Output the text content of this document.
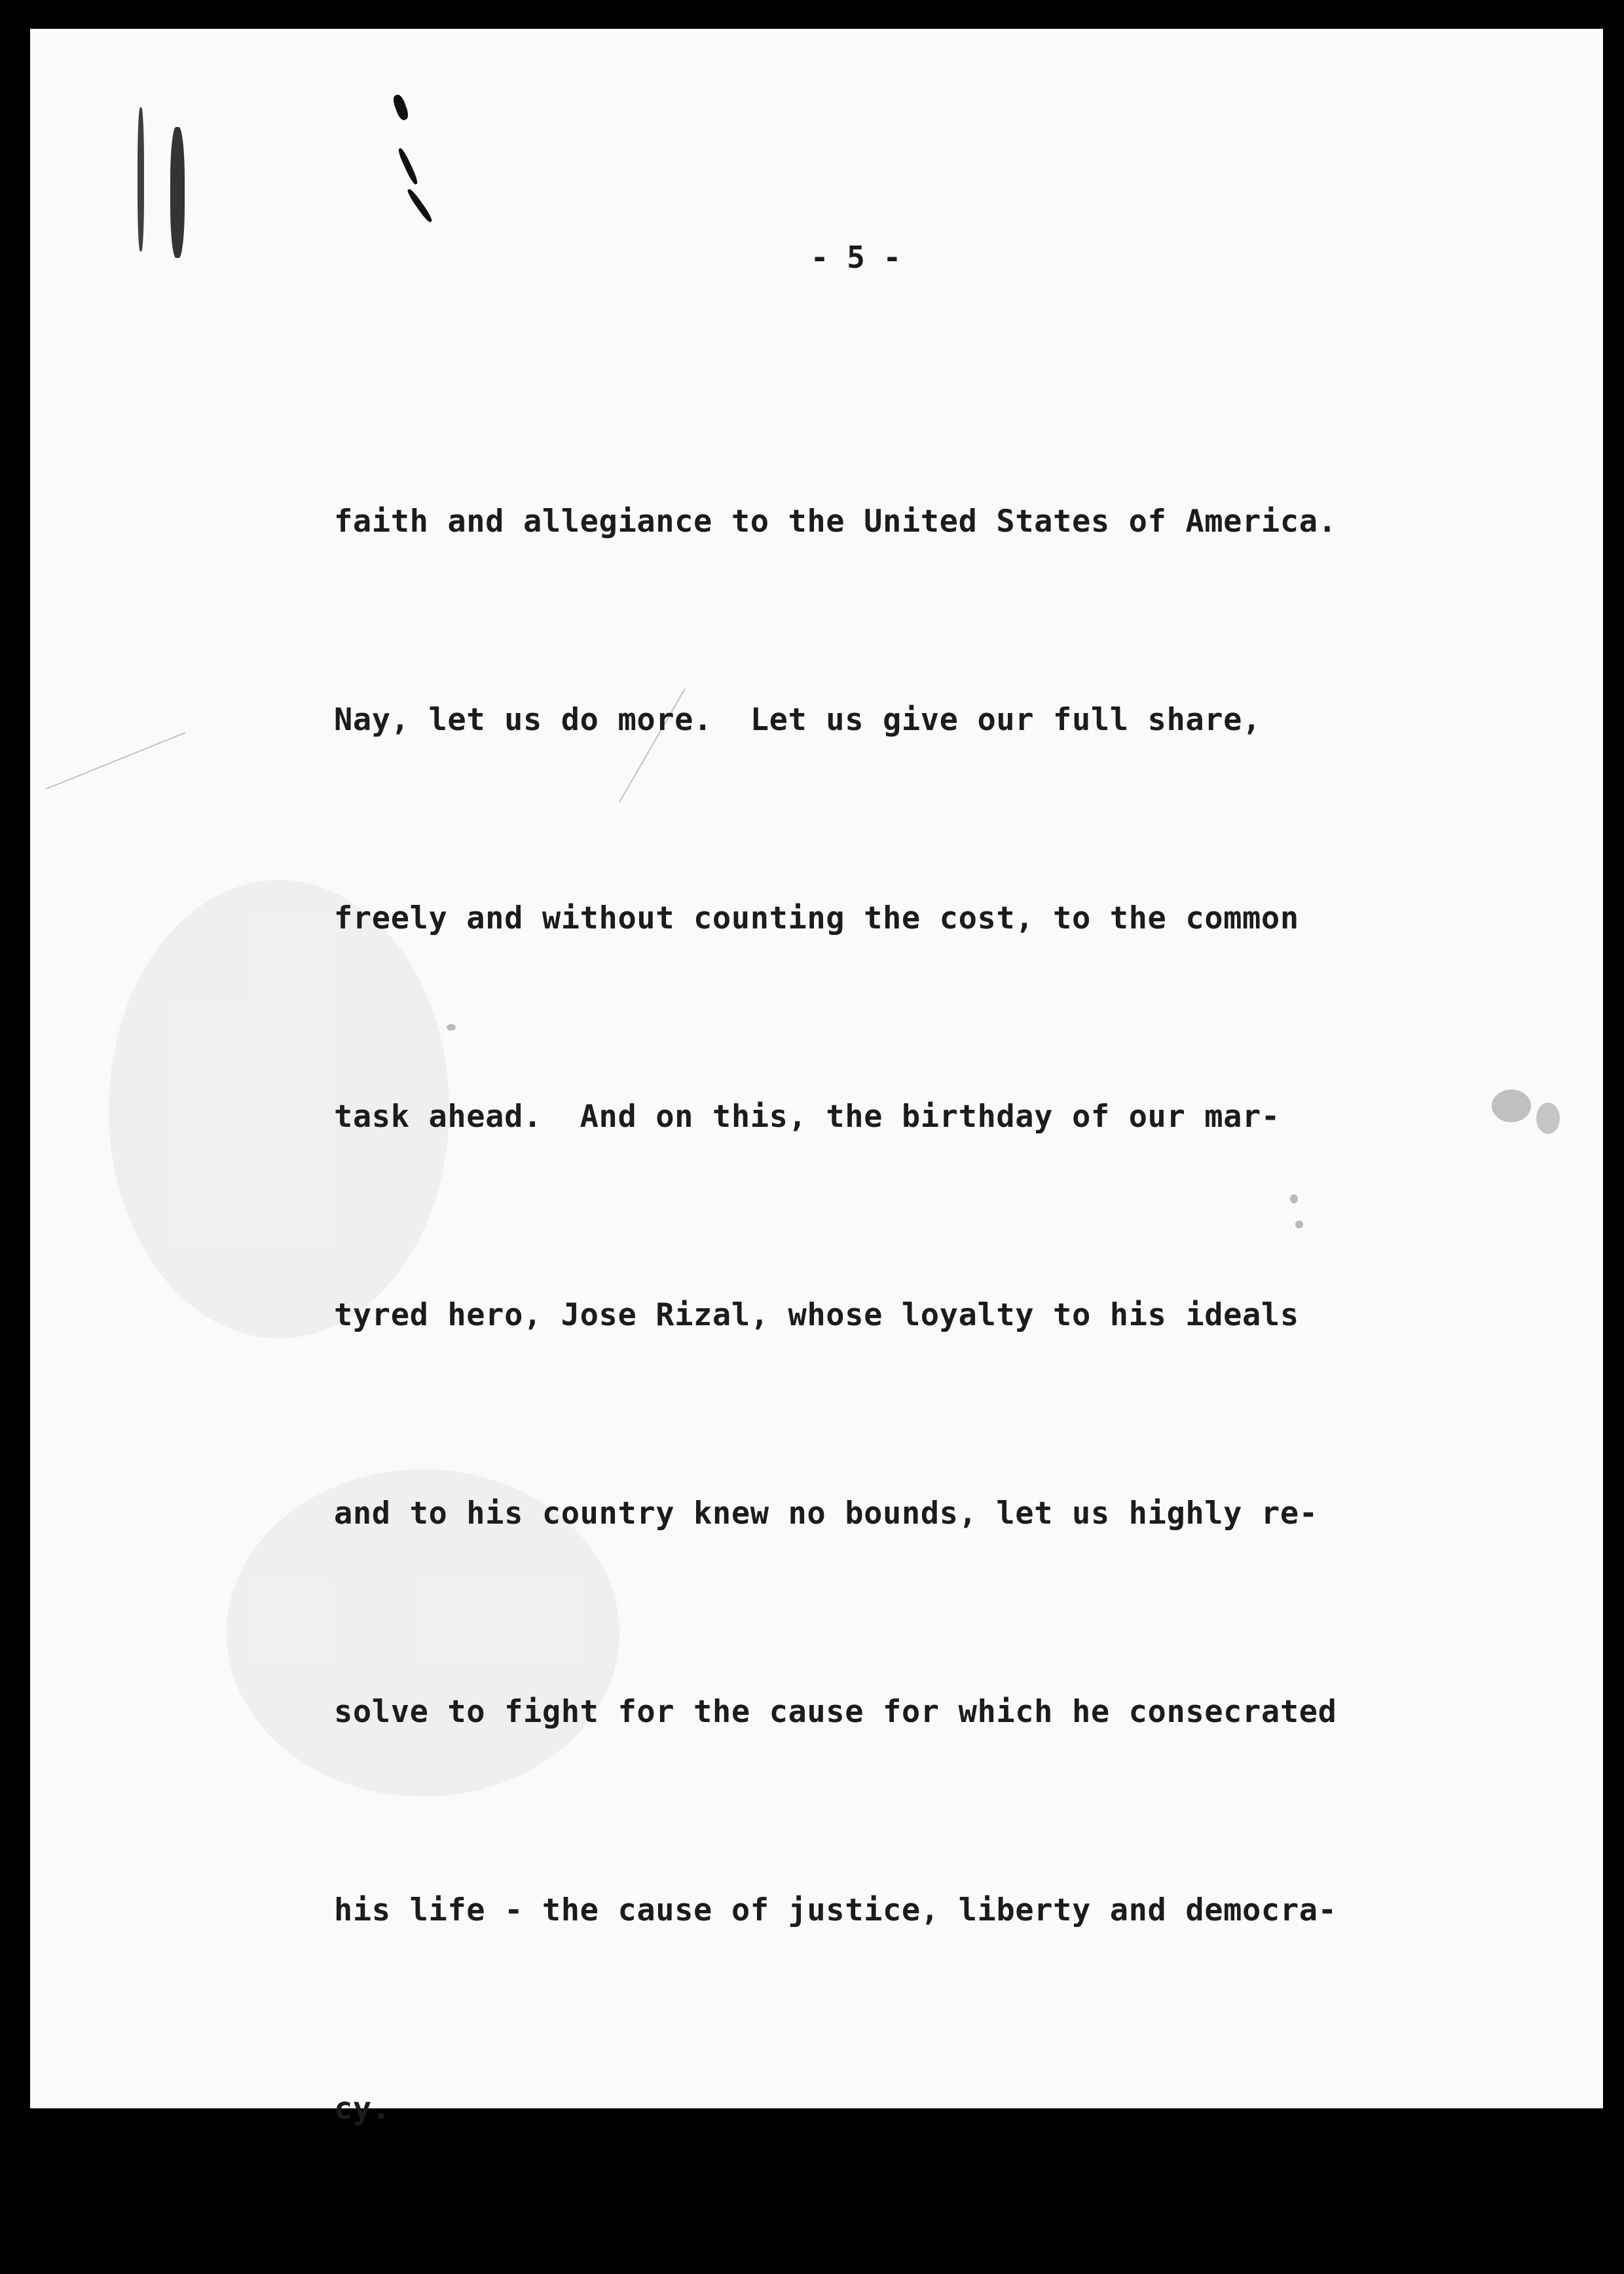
- 5 -

faith and allegiance to the United States of America.

Nay, let us do more.  Let us give our full share,

freely and without counting the cost, to the common

task ahead.  And on this, the birthday of our mar-

tyred hero, Jose Rizal, whose loyalty to his ideals

and to his country knew no bounds, let us highly re-

solve to fight for the cause for which he consecrated

his life - the cause of justice, liberty and democra-

cy.
